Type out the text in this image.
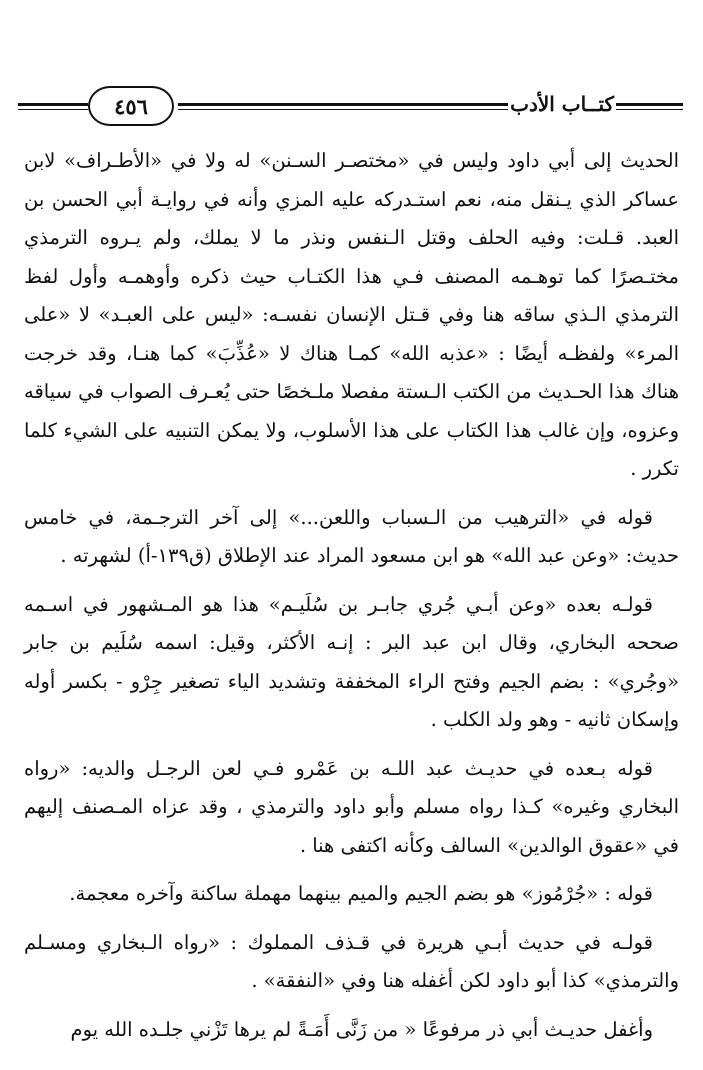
٤٥٦	كتــاب الأدب

الحديث إلى أبي داود وليس في «مختصـر السـنن» له ولا في «الأطـراف» لابن عساكر الذي يـنقل منه، نعم استـدركه عليه المزي وأنه في روايـة أبي الحسن بن العبد. قـلت: وفيه الحلف وقتل الـنفس ونذر ما لا يملك، ولم يـروه الترمذي مختـصرًا كما توهـمه المصنف فـي هذا الكتـاب حيث ذكره وأوهمـه وأول لفظ الترمذي الـذي ساقه هنا وفي قـتل الإنسان نفسـه: «ليس على العبـد» لا «على المرء» ولفظـه أيضًا : «عذبه الله» كمـا هناك لا «عُذِّبَ» كما هنـا، وقد خرجت هناك هذا الحـديث من الكتب الـستة مفصلا ملـخصًا حتى يُعـرف الصواب في سياقه وعزوه، وإن غالب هذا الكتاب على هذا الأسلوب، ولا يمكن التنبيه على الشيء كلما تكرر .

قوله في «الترهيب من الـسباب واللعن...» إلى آخر الترجـمة، في خامس حديث: «وعن عبد الله» هو ابن مسعود المراد عند الإطلاق (ق١٣٩-أ) لشهرته .

قولـه بعده «وعن أبـي جُري جابـر بن سُلَيـم» هذا هو المـشهور في اسـمه صححه البخاري، وقال ابن عبد البر : إنـه الأكثر، وقيل: اسمه سُلَيم بن جابر «وجُري» : بضم الجيم وفتح الراء المخففة وتشديد الياء تصغير جِرْو - بكسر أوله وإسكان ثانيه - وهو ولد الكلب .

قوله بـعده في حديـث عبد اللـه بن عَمْرو فـي لعن الرجـل والديه: «رواه البخاري وغيره» كـذا رواه مسلم وأبو داود والترمذي ، وقد عزاه المـصنف إليهم في «عقوق الوالدين» السالف وكأنه اكتفى هنا .

قوله : «جُرْمُوز» هو بضم الجيم والميم بينهما مهملة ساكنة وآخره معجمة.

قولـه في حديث أبـي هريرة في قـذف المملوك : «رواه الـبخاري ومسـلم والترمذي» كذا أبو داود لكن أغفله هنا وفي «النفقة» .

وأغفل حديـث أبي ذر مرفوعًا « من زَنَّى أَمَـةً لم يرها تَزْني جلـده الله يوم
